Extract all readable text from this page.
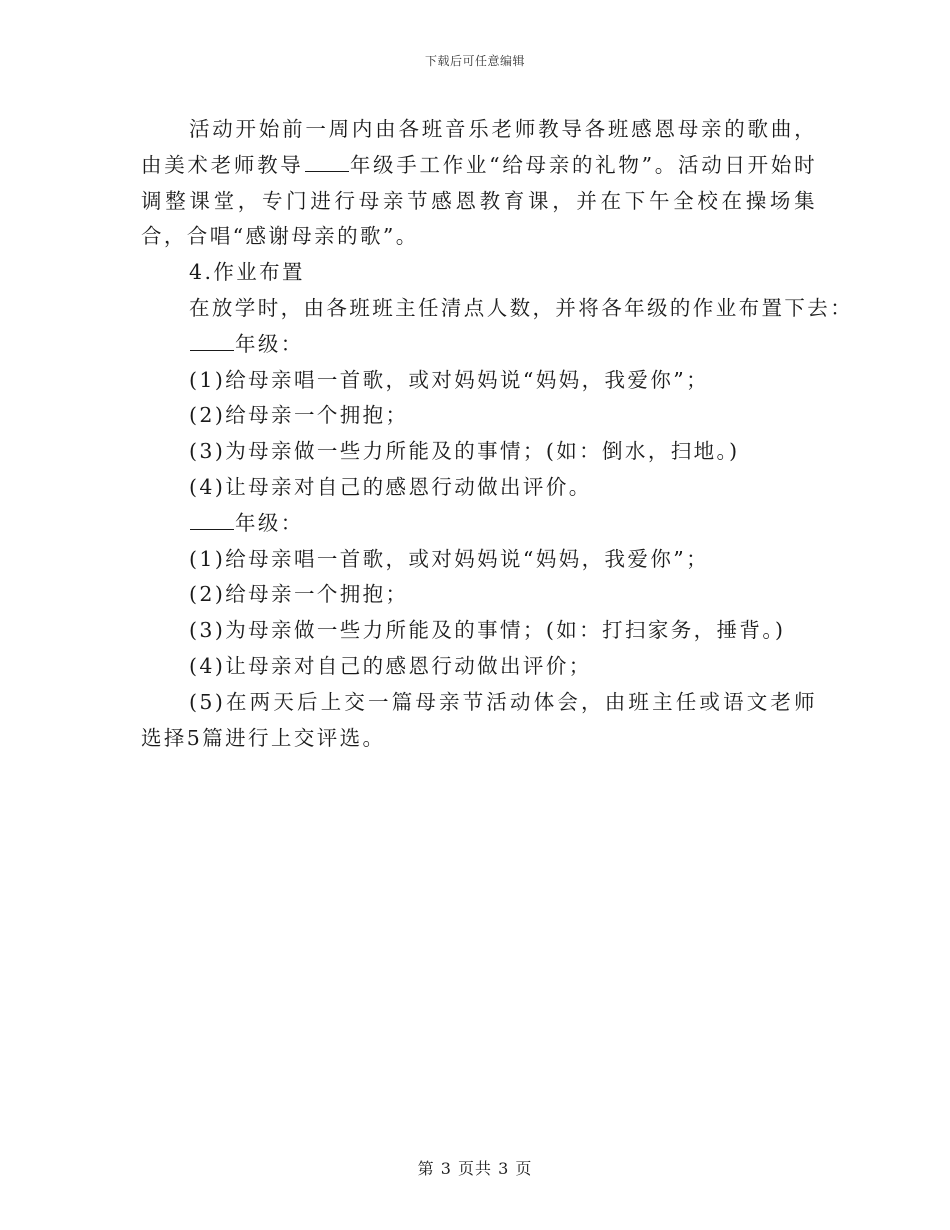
下载后可任意编辑

活动开始前一周内由各班音乐老师教导各班感恩母亲的歌曲，由美术老师教导 年级手工作业“给母亲的礼物”。活动日开始时调整课堂，专门进行母亲节感恩教育课，并在下午全校在操场集合，合唱“感谢母亲的歌”。

4.作业布置

在放学时，由各班班主任清点人数，并将各年级的作业布置下去：

年级：

(1)给母亲唱一首歌，或对妈妈说“妈妈，我爱你”；

(2)给母亲一个拥抱；

(3)为母亲做一些力所能及的事情；(如：倒水，扫地。)

(4)让母亲对自己的感恩行动做出评价。

年级：

(1)给母亲唱一首歌，或对妈妈说“妈妈，我爱你”；

(2)给母亲一个拥抱；

(3)为母亲做一些力所能及的事情；(如：打扫家务，捶背。)

(4)让母亲对自己的感恩行动做出评价；

(5)在两天后上交一篇母亲节活动体会，由班主任或语文老师选择5篇进行上交评选。

第 3 页共 3 页
